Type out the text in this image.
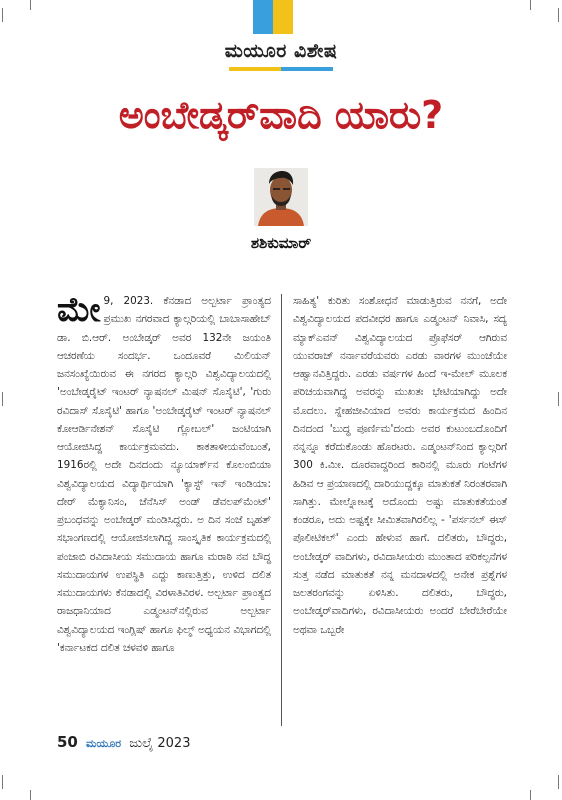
ಮಯೂರ ವಿಶೇಷ
ಅಂಬೇಡ್ಕರ್‌ವಾದಿ ಯಾರು?
ಶಶಿಕುಮಾರ್
ಮೇ 9, 2023. ಕೆನಡಾದ ಅಲ್ಬರ್ಟಾ ಪ್ರಾಂತ್ಯದ ಪ್ರಮುಖ ನಗರವಾದ ಕ್ಯಾಲ್ಗರಿಯಲ್ಲಿ ಬಾಬಾಸಾಹೇಬ್ ಡಾ. ಬಿ.ಆರ್. ಅಂಬೇಡ್ಕರ್ ಅವರ 132ನೇ ಜಯಂತಿ ಆಚರಣೆಯ ಸಂದರ್ಭ. ಒಂದೂವರೆ ಮಿಲಿಯನ್ ಜನಸಂಖ್ಯೆಯಿರುವ ಈ ನಗರದ ಕ್ಯಾಲ್ಗರಿ ವಿಶ್ವವಿದ್ಯಾಲಯದಲ್ಲಿ 'ಅಂಬೇಡ್ಕರೈಟ್ ಇಂಟರ್ ನ್ಯಾಷನಲ್ ಮಿಷನ್ ಸೊಸೈಟಿ', 'ಗುರು ರವಿದಾಸ್ ಸೊಸೈಟಿ' ಹಾಗೂ 'ಅಂಬೇಡ್ಕರೈಟ್ ಇಂಟರ್ ನ್ಯಾಷನಲ್ ಕೋಆರ್ಡಿನೇಶನ್ ಸೊಸೈಟಿ ಗ್ಲೋಬಲ್' ಜಂಟಿಯಾಗಿ ಆಯೋಜಿಸಿದ್ದ ಕಾರ್ಯಕ್ರಮವದು. ಕಾಕತಾಳೀಯವೆಂಬಂತೆ, 1916ರಲ್ಲಿ ಅದೇ ದಿನದಂದು ನ್ಯೂಯಾರ್ಕ್‌ನ ಕೊಲಂಬಿಯಾ ವಿಶ್ವವಿದ್ಯಾಲಯದ ವಿದ್ಯಾರ್ಥಿಯಾಗಿ 'ಕ್ಯಾಸ್ಟ್ ಇನ್ ಇಂಡಿಯಾ: ದೇರ್ ಮೆಕ್ಯಾನಿಸಂ, ಜೆನೆಸಿಸ್ ಅಂಡ್ ಡೆವಲಪ್‌ಮೆಂಟ್' ಪ್ರಬಂಧವನ್ನು ಅಂಬೇಡ್ಕರ್ ಮಂಡಿಸಿದ್ದರು. ಅ ದಿನ ಸಂಜೆ ಬೃಹತ್ ಸಭಾಂಗಣದಲ್ಲಿ ಆಯೋಜಿಸಲಾಗಿದ್ದ ಸಾಂಸ್ಕೃತಿಕ ಕಾರ್ಯಕ್ರಮದಲ್ಲಿ ಪಂಜಾಬಿ ರವಿದಾಸೀಯ ಸಮುದಾಯ ಹಾಗೂ ಮರಾಠಿ ನವ ಬೌದ್ಧ ಸಮುದಾಯಗಳ ಉಪಸ್ಥಿತಿ ಎದ್ದು ಕಾಣುತ್ತಿತ್ತು, ಉಳಿದ ದಲಿತ ಸಮುದಾಯಗಳು ಕೆನಡಾದಲ್ಲಿ ವಿರಳಾತಿವಿರಳ. ಅಲ್ಬರ್ಟಾ ಪ್ರಾಂತ್ಯದ ರಾಜಧಾನಿಯಾದ ಎಡ್ಮಂಟನ್‌ನಲ್ಲಿರುವ ಅಲ್ಬರ್ಟಾ ವಿಶ್ವವಿದ್ಯಾಲಯದ ಇಂಗ್ಲಿಷ್ ಹಾಗೂ ಫಿಲ್ಮ್ ಅಧ್ಯಯನ ವಿಭಾಗದಲ್ಲಿ 'ಕರ್ನಾಟಕದ ದಲಿತ ಚಳವಳಿ ಹಾಗೂ

ಸಾಹಿತ್ಯ' ಕುರಿತು ಸಂಶೋಧನೆ ಮಾಡುತ್ತಿರುವ ನನಗೆ, ಅದೇ ವಿಶ್ವವಿದ್ಯಾಲಯದ ಪದವೀಧರ ಹಾಗೂ ಎಡ್ಮಂಟನ್ ನಿವಾಸಿ, ಸದ್ಯ ಮ್ಯಾಕ್‌ಎವನ್ ವಿಶ್ವವಿದ್ಯಾಲಯದ ಪ್ರೊಫೆಸರ್ ಆಗಿರುವ ಯುವರಾಜ್ ನರ್ನಾವರೆಯವರು ಎರಡು ವಾರಗಳ ಮುಂಚೆಯೇ ಆಹ್ವಾನವಿತ್ತಿದ್ದರು. ಎರಡು ವರ್ಷಗಳ ಹಿಂದೆ ಇ-ಮೇಲ್ ಮೂಲಕ ಪರಿಚಯವಾಗಿದ್ದ ಅವರನ್ನು ಮುಖತಃ ಭೇಟಿಯಾಗಿದ್ದು ಅದೇ ಮೊದಲು. ಸ್ನೇಹಜೀವಿಯಾದ ಅವರು ಕಾರ್ಯಕ್ರಮದ ಹಿಂದಿನ ದಿನದಂದ 'ಬುದ್ಧ ಪೂರ್ಣಿಮ'ದಂದು ಅವರ ಕುಟುಂಬದೊಂದಿಗೆ ನನ್ನನ್ನೂ ಕರೆದುಕೊಂಡು ಹೊರಟರು. ಎಡ್ಮಂಟನ್‌ನಿಂದ ಕ್ಯಾಲ್ಗರಿಗೆ 300 ಕಿ.ಮೀ. ದೂರವಾದ್ದರಿಂದ ಕಾರಿನಲ್ಲಿ ಮೂರು ಗಂಟೆಗಳ ಹಿಡಿವ ಆ ಪ್ರಯಾಣದಲ್ಲಿ ದಾರಿಯುದ್ದಕ್ಕೂ ಮಾತುಕತೆ ನಿರಂತರವಾಗಿ ಸಾಗಿತ್ತು. ಮೇಲ್ನೋಟಕ್ಕೆ ಅದೊಂದು ಅಷ್ಟು ಮಾತುಕತೆಯಂತೆ ಕಂಡರೂ, ಅದು ಅಷ್ಟಕ್ಕೇ ಸೀಮಿತವಾಗಿರಲಿಲ್ಲ - 'ಪರ್ಸನಲ್ ಈಸ್ ಪೊಲೀಟಿಕಲ್' ಎಂದು ಹೇಳುವ ಹಾಗೆ. ದಲಿತರು, ಬೌದ್ಧರು, ಅಂಬೇಡ್ಕರ್ ವಾದಿಗಳು, ರವಿದಾಸೀಯರು ಮುಂತಾದ ಪರಿಕಲ್ಪನೆಗಳ ಸುತ್ತ ನಡೆದ ಮಾತುಕತೆ ನನ್ನ ಮನದಾಳದಲ್ಲಿ ಅನೇಕ ಪ್ರಶ್ನೆಗಳ ಜಲತರಂಗವನ್ನು ಏಳಿಸಿತು. ದಲಿತರು, ಬೌದ್ಧರು, ಅಂಬೇಡ್ಕರ್‌ವಾದಿಗಳು, ರವಿದಾಸೀಯರು ಅಂದರೆ ಬೇರೆಬೇರೆಯೇ ಅಥವಾ ಒಬ್ಬರೇ

50 ಮಯೂರ ಜುಲೈ 2023
